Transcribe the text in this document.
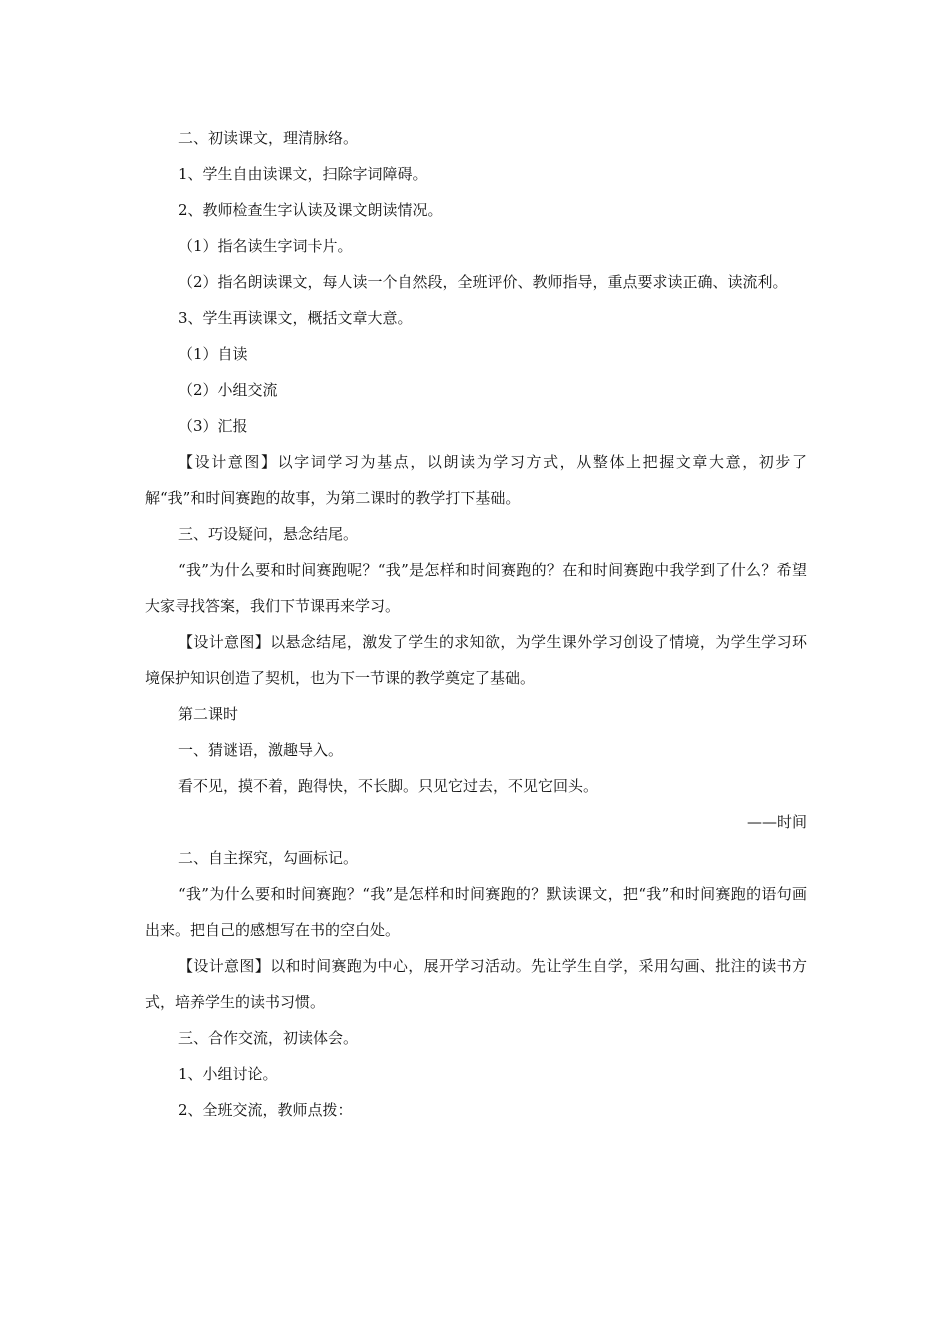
二、初读课文，理清脉络。

1、学生自由读课文，扫除字词障碍。

2、教师检查生字认读及课文朗读情况。

（1）指名读生字词卡片。

（2）指名朗读课文，每人读一个自然段，全班评价、教师指导，重点要求读正确、读流利。

3、学生再读课文，概括文章大意。

（1）自读

（2）小组交流

（3）汇报

【设计意图】以字词学习为基点，以朗读为学习方式，从整体上把握文章大意，初步了解“我”和时间赛跑的故事，为第二课时的教学打下基础。

三、巧设疑问，悬念结尾。

“我”为什么要和时间赛跑呢？“我”是怎样和时间赛跑的？在和时间赛跑中我学到了什么？希望大家寻找答案，我们下节课再来学习。

【设计意图】以悬念结尾，激发了学生的求知欲，为学生课外学习创设了情境，为学生学习环境保护知识创造了契机，也为下一节课的教学奠定了基础。

第二课时

一、猜谜语，激趣导入。

看不见，摸不着，跑得快，不长脚。只见它过去，不见它回头。

——时间

二、自主探究，勾画标记。

“我”为什么要和时间赛跑？“我”是怎样和时间赛跑的？默读课文，把“我”和时间赛跑的语句画出来。把自己的感想写在书的空白处。

【设计意图】以和时间赛跑为中心，展开学习活动。先让学生自学，采用勾画、批注的读书方式，培养学生的读书习惯。

三、合作交流，初读体会。

1、小组讨论。

2、全班交流，教师点拨：
